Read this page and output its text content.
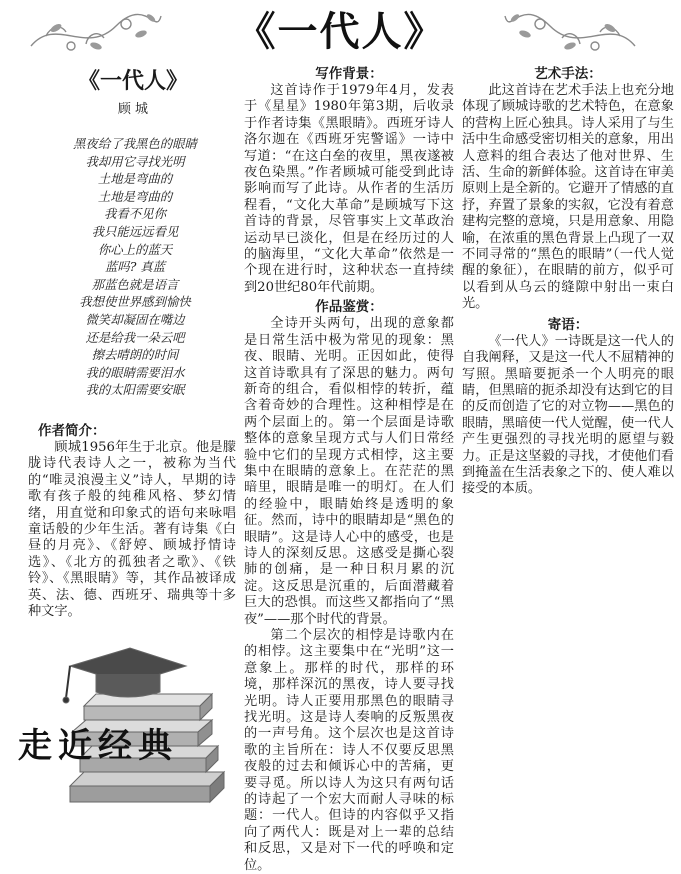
《一代人》
《一代人》
顾 城
黑夜给了我黑色的眼睛
我却用它寻找光明
土地是弯曲的
土地是弯曲的
我看不见你
我只能远远看见
你心上的蓝天
蓝吗? 真蓝
那蓝色就是语言
我想使世界感到愉快
微笑却凝固在嘴边
还是给我一朵云吧
擦去晴朗的时间
我的眼睛需要泪水
我的太阳需要安眠
作者简介：

顾城1956年生于北京。他是朦胧诗代表诗人之一，被称为当代的“唯灵浪漫主义”诗人，早期的诗歌有孩子般的纯稚风格、梦幻情绪，用直觉和印象式的语句来咏唱童话般的少年生活。著有诗集《白昼的月亮》、《舒婷、顾城抒情诗选》、《北方的孤独者之歌》、《铁铃》、《黑眼睛》等，其作品被译成英、法、德、西班牙、瑞典等十多种文字。

走近经典
写作背景：

这首诗作于1979年4月，发表于《星星》1980年第3期，后收录于作者诗集《黑眼睛》。西班牙诗人洛尔迦在《西班牙宪警谣》一诗中写道：“在这白垒的夜里，黑夜遂被夜色染黑。”作者顾城可能受到此诗影响而写了此诗。从作者的生活历程看，“文化大革命”是顾城写下这首诗的背景，尽管事实上文革政治运动早已淡化，但是在经历过的人的脑海里，“文化大革命”依然是一个现在进行时，这种状态一直持续到20世纪80年代前期。

作品鉴赏：

全诗开头两句，出现的意象都是日常生活中极为常见的现象：黑夜、眼睛、光明。正因如此，使得这首诗歌具有了深思的魅力。两句新奇的组合，看似相悖的转折，蕴含着奇妙的合理性。这种相悖是在两个层面上的。第一个层面是诗歌整体的意象呈现方式与人们日常经验中它们的呈现方式相悖，这主要集中在眼睛的意象上。在茫茫的黑暗里，眼睛是唯一的明灯。在人们的经验中，眼睛始终是透明的象征。然而，诗中的眼睛却是“黑色的眼睛”。这是诗人心中的感受，也是诗人的深刻反思。这感受是撕心裂肺的创痛，是一种日积月累的沉淀。这反思是沉重的，后面潜藏着巨大的恐惧。而这些又都指向了“黑夜”——那个时代的背景。

第二个层次的相悖是诗歌内在的相悖。这主要集中在“光明”这一意象上。那样的时代，那样的环境，那样深沉的黑夜，诗人要寻找光明。诗人正要用那黑色的眼睛寻找光明。这是诗人奏响的反叛黑夜的一声号角。这个层次也是这首诗歌的主旨所在：诗人不仅要反思黑夜般的过去和倾诉心中的苦痛，更要寻觅。所以诗人为这只有两句话的诗起了一个宏大而耐人寻味的标题：一代人。但诗的内容似乎又指向了两代人：既是对上一辈的总结和反思，又是对下一代的呼唤和定位。

艺术手法：

此这首诗在艺术手法上也充分地体现了顾城诗歌的艺术特色，在意象的营构上匠心独具。诗人采用了与生活中生命感受密切相关的意象，用出人意料的组合表达了他对世界、生活、生命的新鲜体验。这首诗在审美原则上是全新的。它避开了情感的直抒，弃置了景象的实叙，它没有着意建构完整的意境，只是用意象、用隐喻，在浓重的黑色背景上凸现了一双不同寻常的“黑色的眼睛”（一代人觉醒的象征），在眼睛的前方，似乎可以看到从乌云的缝隙中射出一束白光。

寄语：

《一代人》一诗既是这一代人的自我阐释，又是这一代人不屈精神的写照。黑暗要扼杀一个人明亮的眼睛，但黑暗的扼杀却没有达到它的目的反而创造了它的对立物——黑色的眼睛，黑暗使一代人觉醒，使一代人产生更强烈的寻找光明的愿望与毅力。正是这坚毅的寻找，才使他们看到掩盖在生活表象之下的、使人难以接受的本质。
